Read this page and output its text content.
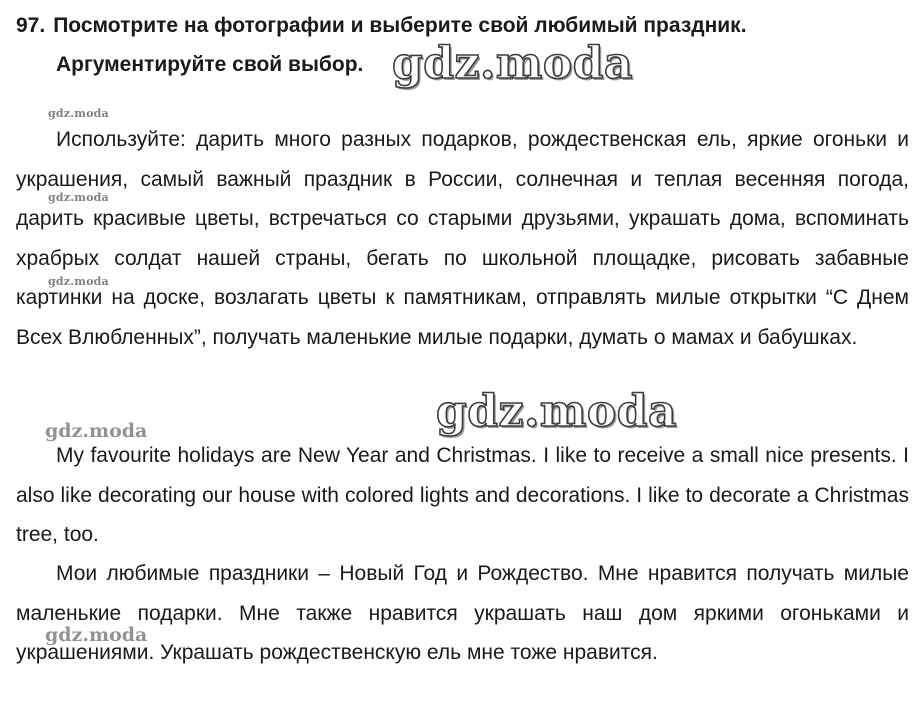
97. Посмотрите на фотографии и выберите свой любимый праздник.
Аргументируйте свой выбор.

Используйте: дарить много разных подарков, рождественская ель, яркие огоньки и украшения, самый важный праздник в России, солнечная и теплая весенняя погода, дарить красивые цветы, встречаться со старыми друзьями, украшать дома, вспоминать храбрых солдат нашей страны, бегать по школьной площадке, рисовать забавные картинки на доске, возлагать цветы к памятникам, отправлять милые открытки “С Днем Всех Влюбленных”, получать маленькие милые подарки, думать о мамах и бабушках.

My favourite holidays are New Year and Christmas. I like to receive a small nice presents. I also like decorating our house with colored lights and decorations. I like to decorate a Christmas tree, too.

Мои любимые праздники – Новый Год и Рождество. Мне нравится получать милые маленькие подарки. Мне также нравится украшать наш дом яркими огоньками и украшениями. Украшать рождественскую ель мне тоже нравится.

gdz.moda
gdz.moda
gdz.moda
gdz.moda
gdz.moda
gdz.moda
gdz.moda
